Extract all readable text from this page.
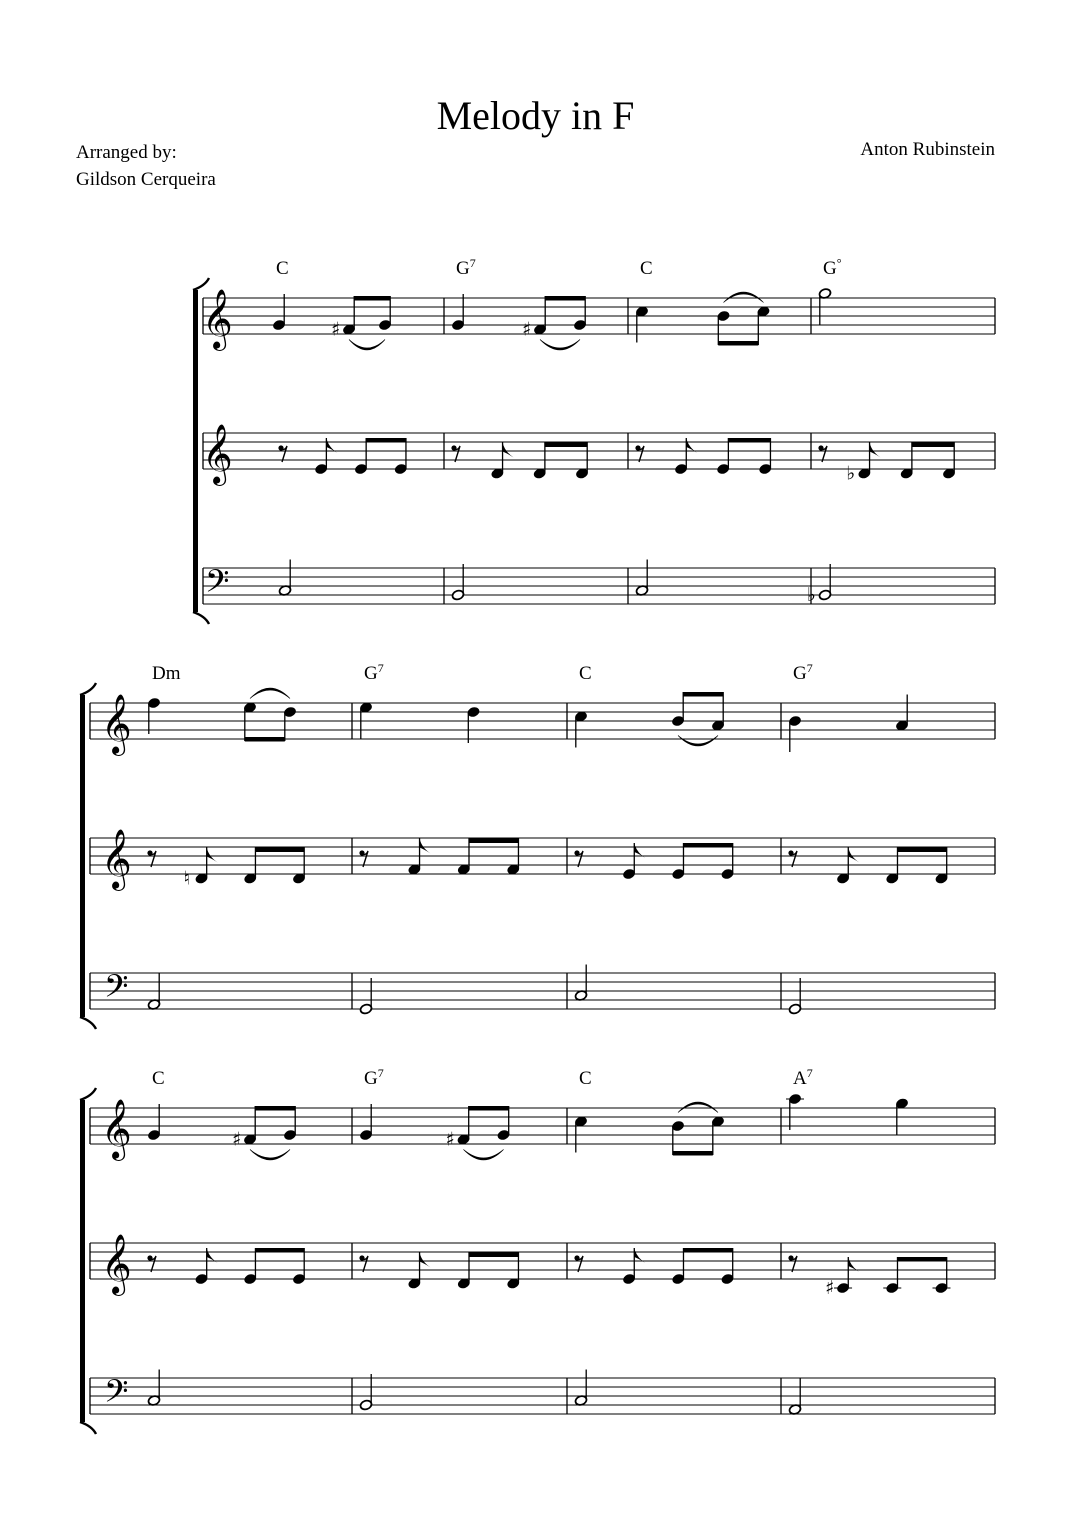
Melody in F
Arranged by:
Gildson Cerqueira
Anton Rubinstein
𝄞
𝄞
𝄢
C
♯
$G^7$
♯
C	G°
♭
♭
𝄞
𝄞
𝄢
Dm
♮
$G^7$	C	$G^7$
𝄞
𝄞
𝄢
C
♯
$G^7$
♯
C	$A^7$
♯
